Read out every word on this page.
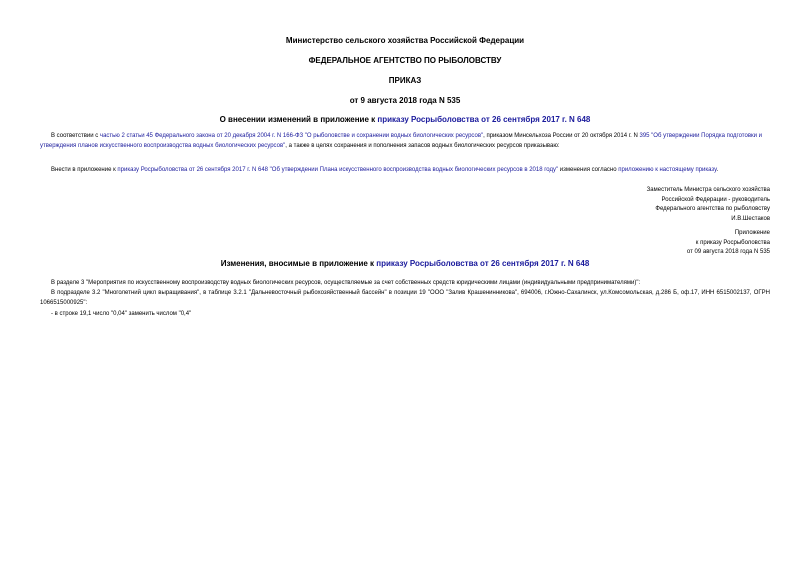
Министерство сельского хозяйства Российской Федерации
ФЕДЕРАЛЬНОЕ АГЕНТСТВО ПО РЫБОЛОВСТВУ
ПРИКАЗ
от 9 августа 2018 года N 535
О внесении изменений в приложение к приказу Росрыболовства от 26 сентября 2017 г. N 648
В соответствии с частью 2 статьи 45 Федерального закона от 20 декабря 2004 г. N 166-ФЗ "О рыболовстве и сохранении водных биологических ресурсов", приказом Минсельхоза России от 20 октября 2014 г. N 395 "Об утверждении Порядка подготовки и утверждения планов искусственного воспроизводства водных биологических ресурсов", а также в целях сохранения и пополнения запасов водных биологических ресурсов приказываю:
Внести в приложение к приказу Росрыболовства от 26 сентября 2017 г. N 648 "Об утверждении Плана искусственного воспроизводства водных биологических ресурсов в 2018 году" изменения согласно приложению к настоящему приказу.
Заместитель Министра сельского хозяйства
Российской Федерации - руководитель
Федерального агентства по рыболовству
И.В.Шестаков
Приложение
к приказу Росрыболовства
от 09 августа 2018 года N 535
Изменения, вносимые в приложение к приказу Росрыболовства от 26 сентября 2017 г. N 648
В разделе 3 "Мероприятия по искусственному воспроизводству водных биологических ресурсов, осуществляемые за счет собственных средств юридическими лицами (индивидуальными предпринимателями)":
В подразделе 3.2 "Многолетний цикл выращивания", в таблице 3.2.1 "Дальневосточный рыбохозяйственный бассейн" в позиции 19 "ООО "Залив Крашенинникова", 694006, г.Южно-Сахалинск, ул.Комсомольская, д.286 Б, оф.17, ИНН 6515002137, ОГРН 1066515000925":
- в строке 19,1 число "0,04" заменить числом "0,4"
